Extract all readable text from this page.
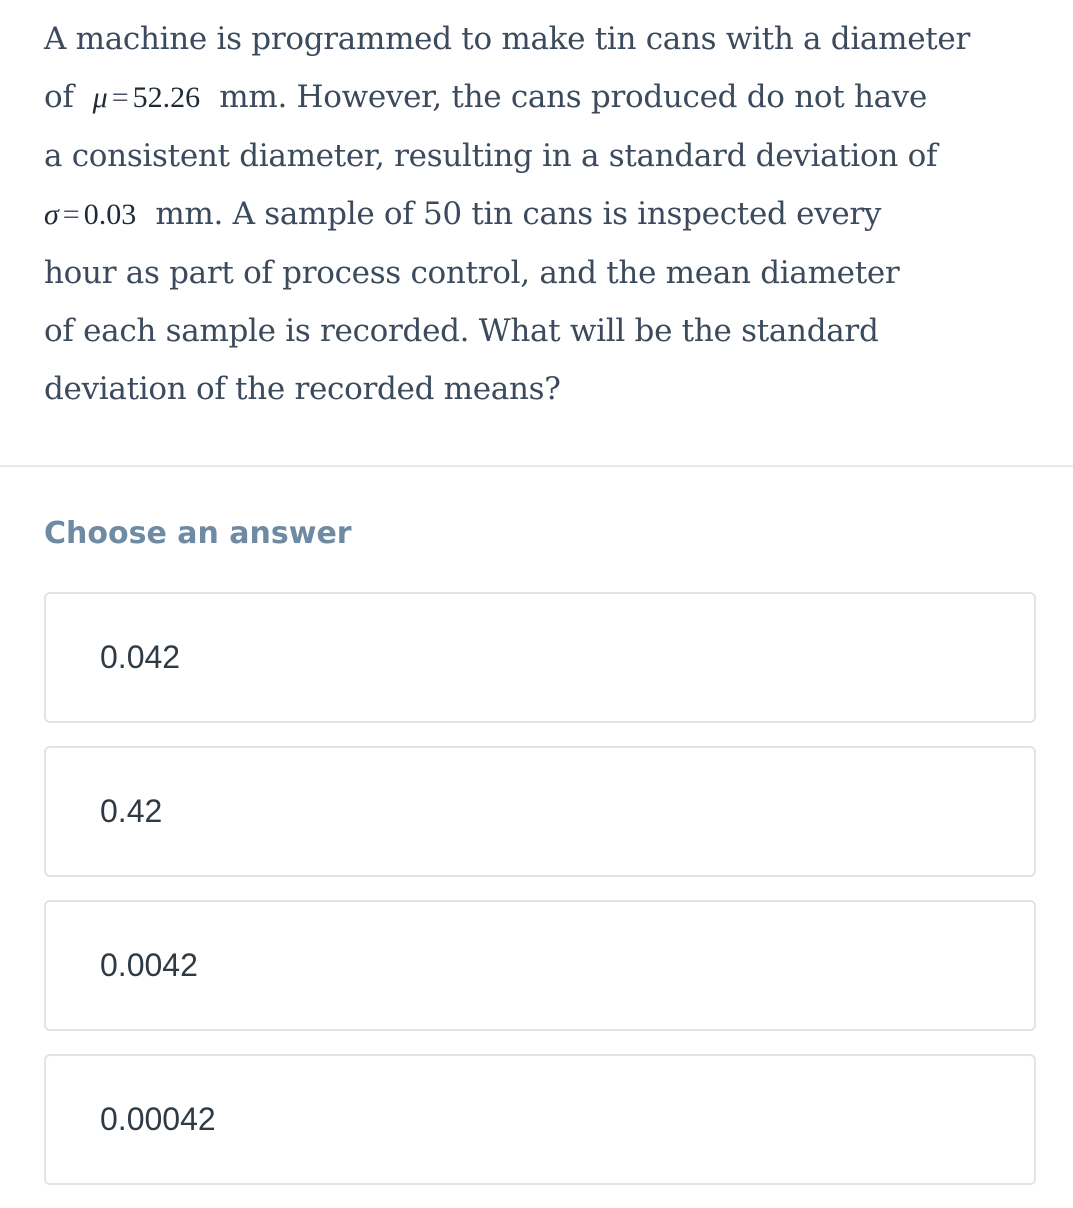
A machine is programmed to make tin cans with a diameter
of μ = 52.26 mm. However, the cans produced do not have
a consistent diameter, resulting in a standard deviation of
σ = 0.03 mm. A sample of 50 tin cans is inspected every
hour as part of process control, and the mean diameter
of each sample is recorded. What will be the standard
deviation of the recorded means?
Choose an answer
0.042
0.42
0.0042
0.00042
